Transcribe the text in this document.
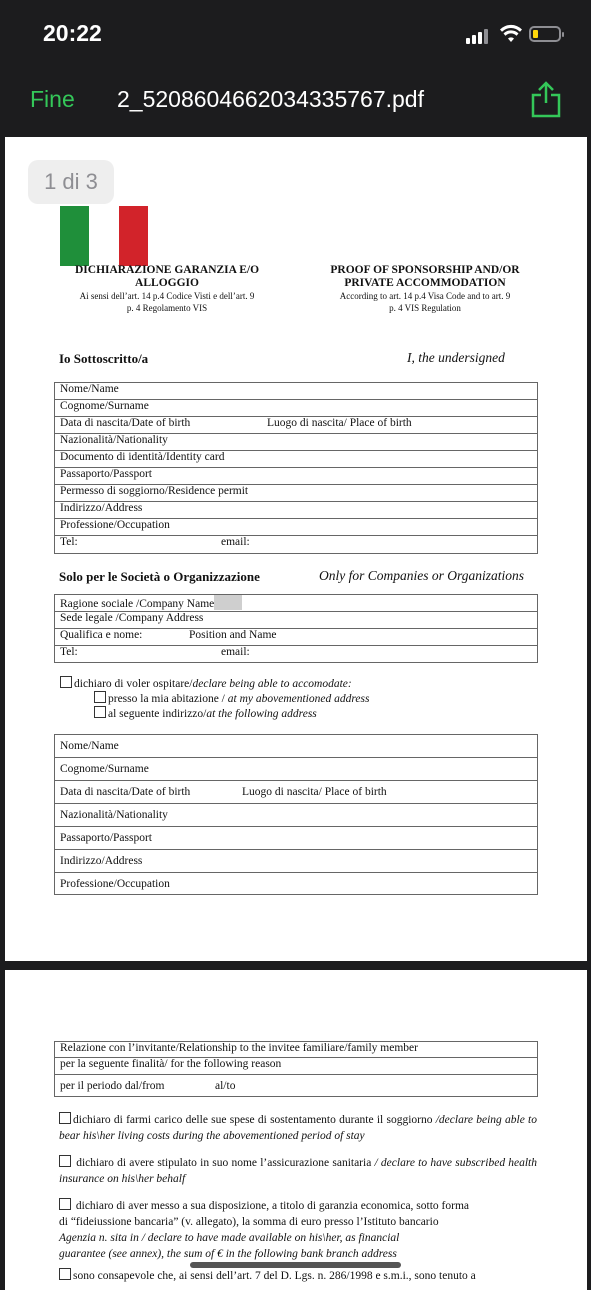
20:22
Fine 2_5208604662034335767.pdf
DICHIARAZIONE GARANZIA E/O
ALLOGGIO
Ai sensi dell’art. 14 p.4 Codice Visti e dell’art. 9
p. 4 Regolamento VIS
PROOF OF SPONSORSHIP AND/OR
PRIVATE ACCOMMODATION
According to art. 14 p.4 Visa Code and to art. 9
p. 4 VIS Regulation
Io Sottoscritto/a	I, the undersigned
Nome/Name
Cognome/Surname
Data di nascita/Date of birth	Luogo di nascita/ Place of birth
Nazionalità/Nationality
Documento di identità/Identity card
Passaporto/Passport
Permesso di soggiorno/Residence permit
Indirizzo/Address
Professione/Occupation
Tel:	email:
Solo per le Società o Organizzazione	Only for Companies or Organizations
Ragione sociale /Company Name
Sede legale /Company Address
Qualifica e nome:	Position and Name
Tel:	email:
dichiaro di voler ospitare/declare being able to accomodate:
presso la mia abitazione / at my abovementioned address
al seguente indirizzo/at the following address
Nome/Name
Cognome/Surname
Data di nascita/Date of birth	Luogo di nascita/ Place of birth
Nazionalità/Nationality
Passaporto/Passport
Indirizzo/Address
Professione/Occupation
1 di 3
Relazione con l’invitante/Relationship to the invitee familiare/family member
per la seguente finalità/ for the following reason
per il periodo dal/from	al/to
dichiaro di farmi carico delle sue spese di sostentamento durante il soggiorno /declare being able to bear his\her living costs during the abovementioned period of stay
dichiaro di avere stipulato in suo nome l’assicurazione sanitaria / declare to have subscribed health insurance on his\her behalf
dichiaro di aver messo a sua disposizione, a titolo di garanzia economica, sotto forma
di “fideiussione bancaria” (v. allegato), la somma di euro presso l’Istituto bancario
Agenzia n. sita in / declare to have made available on his\her, as financial
guarantee (see annex), the sum of € in the following bank branch address
sono consapevole che, ai sensi dell’art. 7 del D. Lgs. n. 286/1998 e s.m.i., sono tenuto a
